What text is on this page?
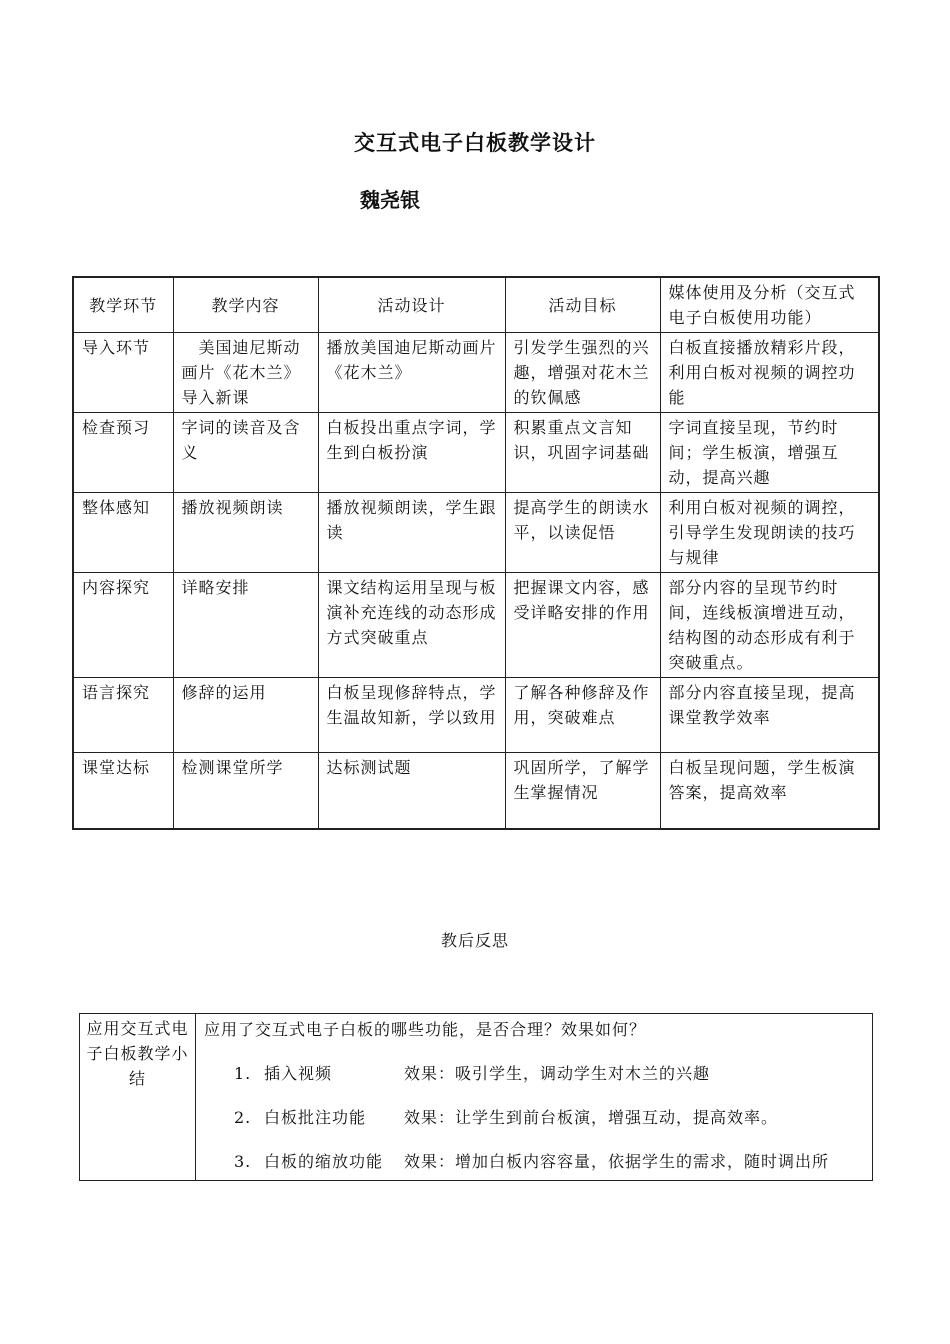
交互式电子白板教学设计
魏尧银
教学环节	教学内容	活动设计	活动目标	媒体使用及分析（交互式电子白板使用功能）
导入环节	　美国迪尼斯动画片《花木兰》导入新课	播放美国迪尼斯动画片《花木兰》	引发学生强烈的兴趣，增强对花木兰的钦佩感	白板直接播放精彩片段，利用白板对视频的调控功能
检查预习	字词的读音及含义	白板投出重点字词，学生到白板扮演	积累重点文言知识，巩固字词基础	字词直接呈现，节约时间；学生板演，增强互动，提高兴趣
整体感知	播放视频朗读	播放视频朗读，学生跟读	提高学生的朗读水平，以读促悟	利用白板对视频的调控，引导学生发现朗读的技巧与规律
内容探究	详略安排	课文结构运用呈现与板演补充连线的动态形成方式突破重点	把握课文内容，感受详略安排的作用	部分内容的呈现节约时间，连线板演增进互动，结构图的动态形成有利于突破重点。
语言探究	修辞的运用	白板呈现修辞特点，学生温故知新，学以致用	了解各种修辞及作用，突破难点	部分内容直接呈现，提高课堂教学效率
课堂达标	检测课堂所学	达标测试题	巩固所学，了解学生掌握情况	白板呈现问题，学生板演答案，提高效率
教后反思
应用交互式电子白板教学小结	
应用了交互式电子白板的哪些功能，是否合理？效果如何？
1. 插入视频	效果：吸引学生，调动学生对木兰的兴趣
2. 白板批注功能	效果：让学生到前台板演，增强互动，提高效率。
3. 白板的缩放功能	效果：增加白板内容容量，依据学生的需求，随时调出所
